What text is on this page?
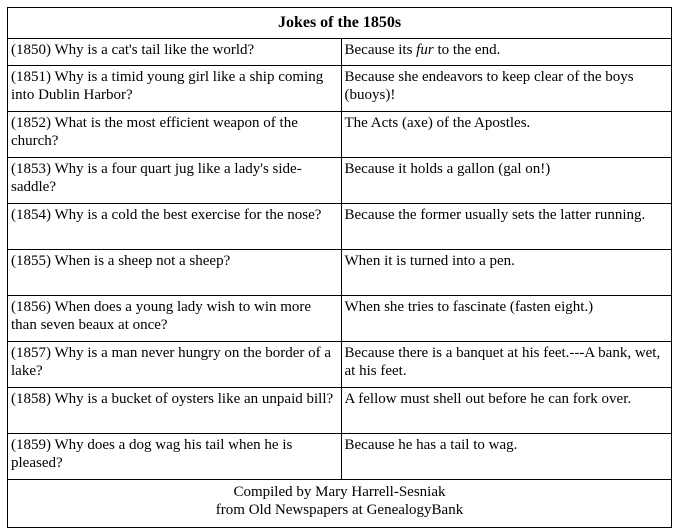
Jokes of the 1850s	
(1850) Why is a cat's tail like the world?	Because its fur to the end.
(1851) Why is a timid young girl like a ship coming into Dublin Harbor?	Because she endeavors to keep clear of the boys (buoys)!
(1852) What is the most efficient weapon of the church?	The Acts (axe) of the Apostles.
(1853) Why is a four quart jug like a lady's side-saddle?	Because it holds a gallon (gal on!)
(1854) Why is a cold the best exercise for the nose?	Because the former usually sets the latter running.
(1855) When is a sheep not a sheep?	When it is turned into a pen.
(1856) When does a young lady wish to win more than seven beaux at once?	When she tries to fascinate (fasten eight.)
(1857) Why is a man never hungry on the border of a lake?	Because there is a banquet at his feet.---A bank, wet, at his feet.
(1858) Why is a bucket of oysters like an unpaid bill?	A fellow must shell out before he can fork over.
(1859) Why does a dog wag his tail when he is pleased?	Because he has a tail to wag.

Compiled by Mary Harrell-Sesniak
from Old Newspapers at GenealogyBank	
